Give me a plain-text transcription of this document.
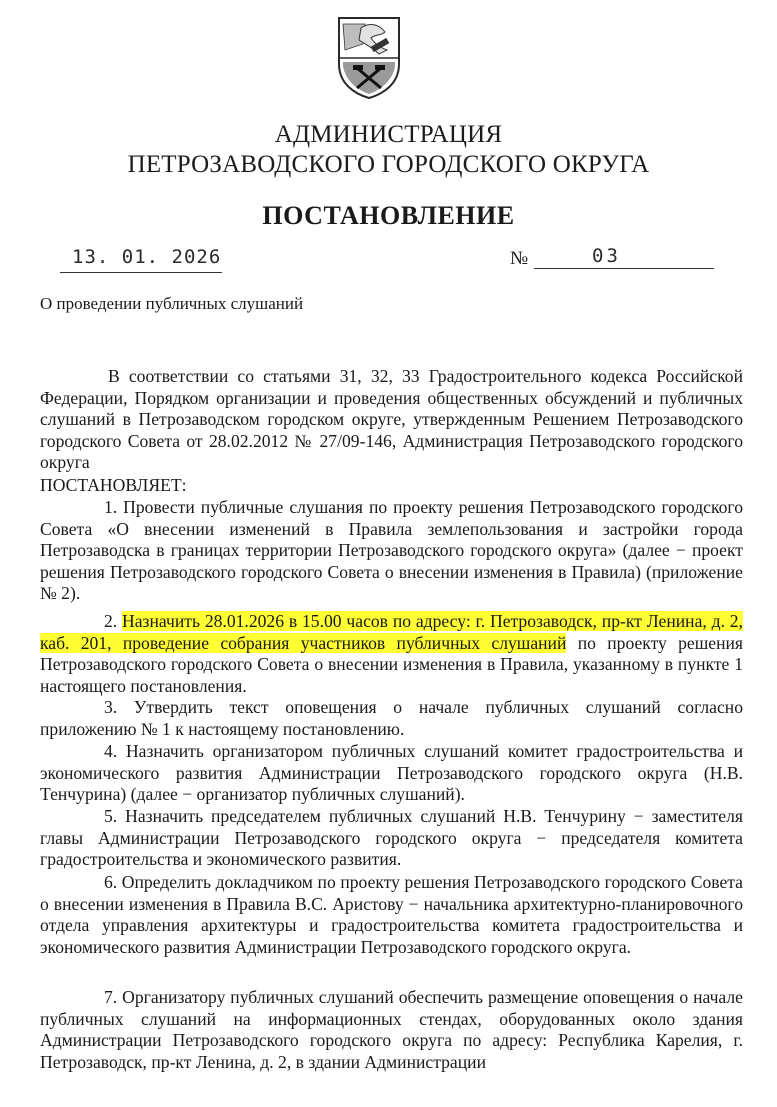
АДМИНИСТРАЦИЯ
ПЕТРОЗАВОДСКОГО ГОРОДСКОГО ОКРУГА
ПОСТАНОВЛЕНИЕ
13. 01. 2026	№	03
О проведении публичных слушаний
В соответствии со статьями 31, 32, 33 Градостроительного кодекса Российской Федерации, Порядком организации и проведения общественных обсуждений и публичных слушаний в Петрозаводском городском округе, утвержденным Решением Петрозаводского городского Совета от 28.02.2012 № 27/09-146, Администрация Петрозаводского городского округа
ПОСТАНОВЛЯЕТ:
1. Провести публичные слушания по проекту решения Петрозаводского городского Совета «О внесении изменений в Правила землепользования и застройки города Петрозаводска в границах территории Петрозаводского городского округа» (далее − проект решения Петрозаводского городского Совета о внесении изменения в Правила) (приложение № 2).
2. Назначить 28.01.2026 в 15.00 часов по адресу: г. Петрозаводск, пр-кт Ленина, д. 2, каб. 201, проведение собрания участников публичных слушаний по проекту решения Петрозаводского городского Совета о внесении изменения в Правила, указанному в пункте 1 настоящего постановления.
3. Утвердить текст оповещения о начале публичных слушаний согласно приложению № 1 к настоящему постановлению.
4. Назначить организатором публичных слушаний комитет градостроительства и экономического развития Администрации Петрозаводского городского округа (Н.В. Тенчурина) (далее − организатор публичных слушаний).
5. Назначить председателем публичных слушаний Н.В. Тенчурину − заместителя главы Администрации Петрозаводского городского округа − председателя комитета градостроительства и экономического развития.
6. Определить докладчиком по проекту решения Петрозаводского городского Совета о внесении изменения в Правила В.С. Аристову − начальника архитектурно-планировочного отдела управления архитектуры и градостроительства комитета градостроительства и экономического развития Администрации Петрозаводского городского округа.
7. Организатору публичных слушаний обеспечить размещение оповещения о начале публичных слушаний на информационных стендах, оборудованных около здания Администрации Петрозаводского городского округа по адресу: Республика Карелия, г. Петрозаводск, пр-кт Ленина, д. 2, в здании Администрации
